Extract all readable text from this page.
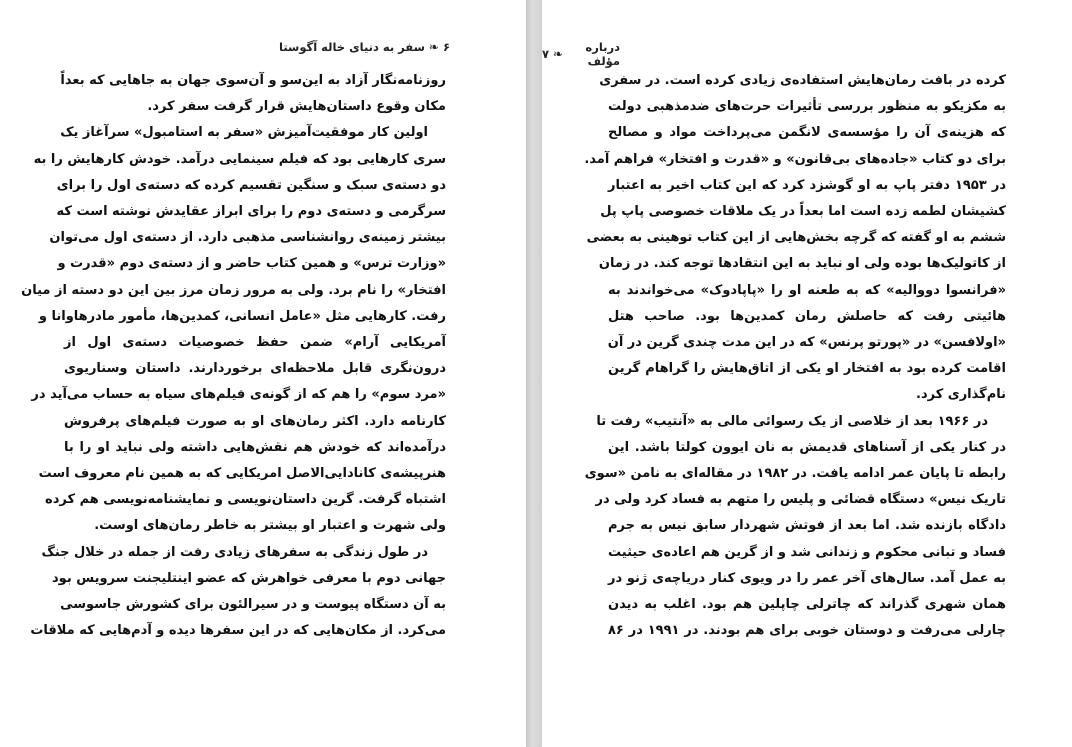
۶
❧
سفر به دنیای خاله آگوستا
روزنامه‌نگار آزاد به این‌سو و آن‌سوی جهان به جاهایی که بعداً
مکان وقوع داستان‌هایش قرار گرفت سفر کرد.
اولین کار موفقیت‌آمیزش «سفر به استامبول» سرآغاز یک
سری کارهایی بود که فیلم سینمایی درآمد. خودش کارهایش را به
دو دسته‌ی سبک و سنگین تقسیم کرده که دسته‌ی اول را برای
سرگرمی و دسته‌ی دوم را برای ابراز عقایدش نوشته است که
بیشتر زمینه‌ی روانشناسی مذهبی دارد. از دسته‌ی اول می‌توان
«وزارت ترس» و همین کتاب حاضر و از دسته‌ی دوم «قدرت و
افتخار» را نام برد. ولی به مرور زمان مرز بین این دو دسته از میان
رفت. کارهایی مثل «عامل انسانی، کمدین‌ها، مأمور مادرهاوانا و
آمریکایی آرام» ضمن حفظ خصوصیات دسته‌ی اول از
درون‌نگری قابل ملاحظه‌ای برخوردارند. داستان وسناریوی
«مرد سوم» را هم که از گونه‌ی فیلم‌های سیاه به حساب می‌آید در
کارنامه دارد. اکثر رمان‌های او به صورت فیلم‌های پرفروش
درآمده‌اند که خودش هم نقش‌هایی داشته ولی نباید او را با
هنرپیشه‌ی کانادایی‌الاصل امریکایی که به همین نام معروف است
اشتباه گرفت. گرین داستان‌نویسی و نمایشنامه‌نویسی هم کرده
ولی شهرت و اعتبار او بیشتر به خاطر رمان‌های اوست.
در طول زندگی به سفرهای زیادی رفت از جمله در خلال جنگ
جهانی دوم با معرفی خواهرش که عضو اینتلیجنت سرویس بود
به آن دستگاه پیوست و در سیرالئون برای کشورش جاسوسی
می‌کرد. از مکان‌هایی که در این سفرها دیده و آدم‌هایی که ملاقات
درباره مؤلف
❧
۷
کرده در بافت رمان‌هایش استفاده‌ی زیادی کرده است. در سفری
به مکزیکو به منظور بررسی تأثیرات حرت‌های ضدمذهبی دولت
که هزینه‌ی آن را مؤسسه‌ی لانگمن می‌پرداخت مواد و مصالح
برای دو کتاب «جاده‌های بی‌قانون» و «قدرت و افتخار» فراهم آمد.
در ۱۹۵۳ دفتر پاپ به او گوشزد کرد که این کتاب اخیر به اعتبار
کشیشان لطمه زده است اما بعداً در یک ملاقات خصوصی پاپ پل
ششم به او گفته که گرچه بخش‌هایی از این کتاب توهینی به بعضی
از کاتولیک‌ها بوده ولی او نباید به این انتقادها توجه کند. در زمان
«فرانسوا دووالیه» که به طعنه او را «پاپادوک» می‌خواندند به
هائیتی رفت که حاصلش رمان کمدین‌ها بود. صاحب هتل
«اولافسن» در «پورتو پرنس» که در این مدت چندی گرین در آن
اقامت کرده بود به افتخار او یکی از اتاق‌هایش را گراهام گرین
نام‌گذاری کرد.
در ۱۹۶۶ بعد از خلاصی از یک رسوائی مالی به «آنتیب» رفت تا
در کنار یکی از آسناهای قدیمش به نان ایوون کولتا باشد. این
رابطه تا پایان عمر ادامه یافت. در ۱۹۸۲ در مقاله‌ای به نامن «سوی
تاریک نیس» دستگاه قضائی و پلیس را متهم به فساد کرد ولی در
دادگاه بازنده شد. اما بعد از فوتش شهردار سابق نیس به جرم
فساد و تبانی محکوم و زندانی شد و از گرین هم اعاده‌ی حیثیت
به عمل آمد. سال‌های آخر عمر را در ویوی کنار دریاچه‌ی ژنو در
همان شهری گذراند که چاترلی چاپلین هم بود. اغلب به دیدن
چارلی می‌رفت و دوستان خوبی برای هم بودند. در ۱۹۹۱ در ۸۶
